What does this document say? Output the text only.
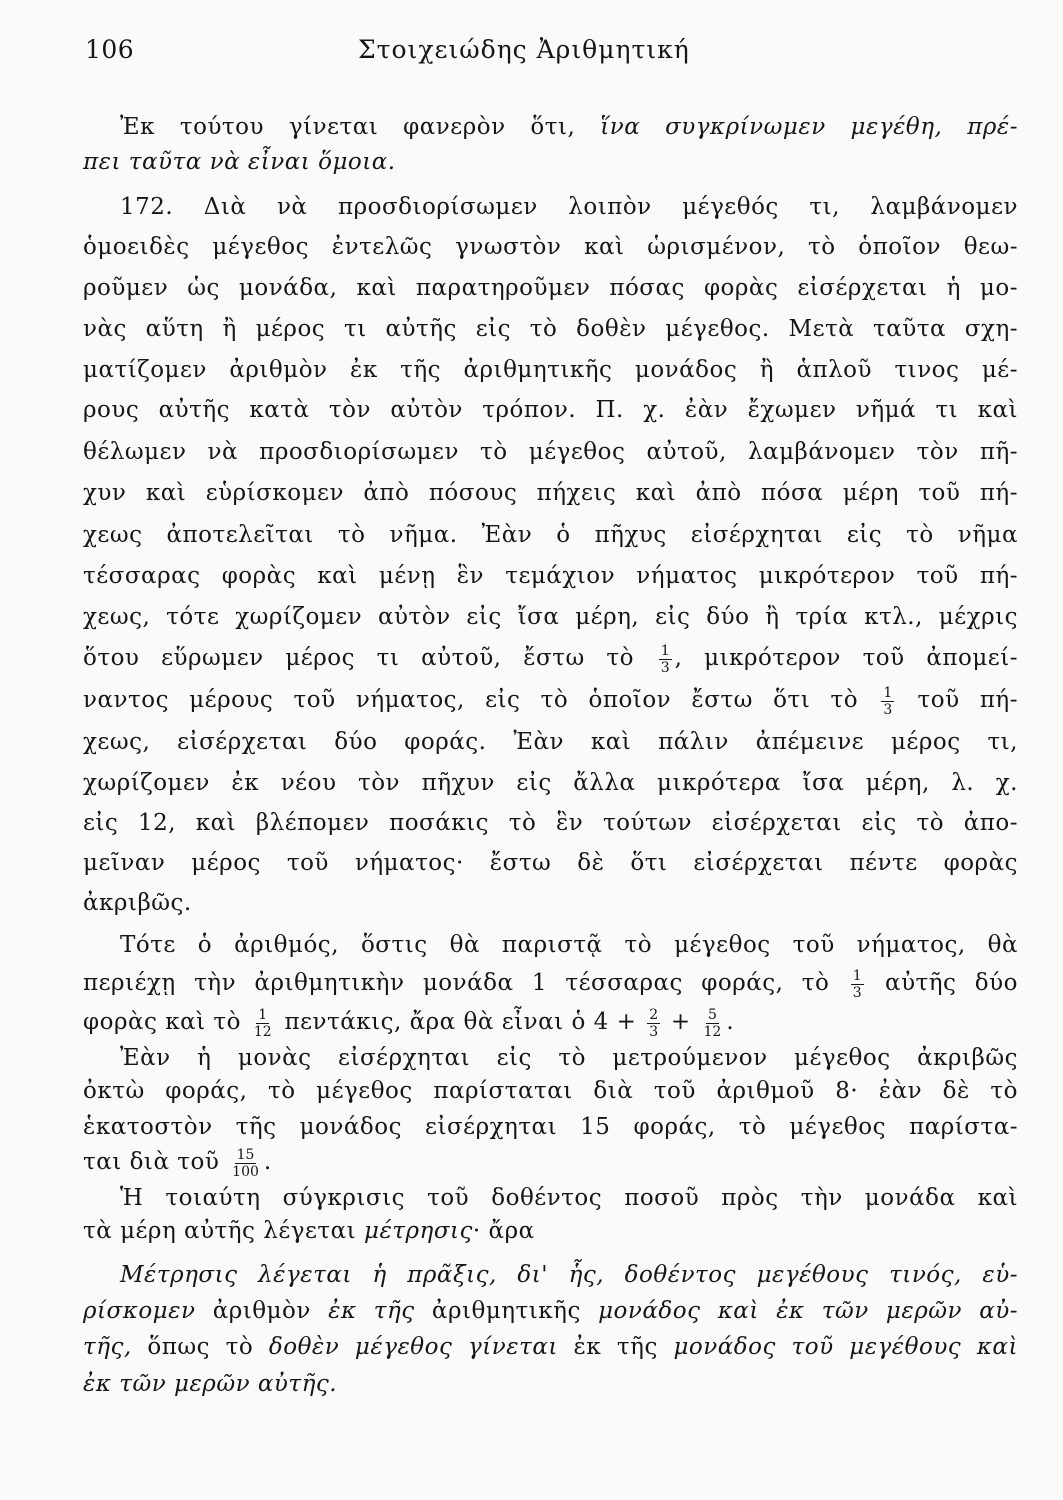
106	Στοιχειώδης Ἀριθμητική
Ἐκ τούτου γίνεται φανερὸν ὅτι, ἵνα συγκρίνωμεν μεγέθη, πρέ-
πει ταῦτα νὰ εἶναι ὅμοια.
172. Διὰ νὰ προσδιορίσωμεν λοιπὸν μέγεθός τι, λαμβάνομεν
ὁμοειδὲς μέγεθος ἐντελῶς γνωστὸν καὶ ὡρισμένον, τὸ ὁποῖον θεω-
ροῦμεν ὡς μονάδα, καὶ παρατηροῦμεν πόσας φορὰς εἰσέρχεται ἡ μο-
νὰς αὕτη ἢ μέρος τι αὐτῆς εἰς τὸ δοθὲν μέγεθος. Μετὰ ταῦτα σχη-
ματίζομεν ἀριθμὸν ἐκ τῆς ἀριθμητικῆς μονάδος ἢ ἁπλοῦ τινος μέ-
ρους αὐτῆς κατὰ τὸν αὐτὸν τρόπον. Π. χ. ἐὰν ἔχωμεν νῆμά τι καὶ
θέλωμεν νὰ προσδιορίσωμεν τὸ μέγεθος αὐτοῦ, λαμβάνομεν τὸν πῆ-
χυν καὶ εὑρίσκομεν ἀπὸ πόσους πήχεις καὶ ἀπὸ πόσα μέρη τοῦ πή-
χεως ἀποτελεῖται τὸ νῆμα. Ἐὰν ὁ πῆχυς εἰσέρχηται εἰς τὸ νῆμα
τέσσαρας φορὰς καὶ μένῃ ἓν τεμάχιον νήματος μικρότερον τοῦ πή-
χεως, τότε χωρίζομεν αὐτὸν εἰς ἴσα μέρη, εἰς δύο ἢ τρία κτλ., μέχρις
ὅτου εὕρωμεν μέρος τι αὐτοῦ, ἔστω τὸ $\frac{1}{3}$ , μικρότερον τοῦ ἀπομεί-
ναντος μέρους τοῦ νήματος, εἰς τὸ ὁποῖον ἔστω ὅτι τὸ $\frac{1}{3}$ τοῦ πή-
χεως, εἰσέρχεται δύο φοράς. Ἐὰν καὶ πάλιν ἀπέμεινε μέρος τι,
χωρίζομεν ἐκ νέου τὸν πῆχυν εἰς ἄλλα μικρότερα ἴσα μέρη, λ. χ.
εἰς 12, καὶ βλέπομεν ποσάκις τὸ ἓν τούτων εἰσέρχεται εἰς τὸ ἀπο-
μεῖναν μέρος τοῦ νήματος· ἔστω δὲ ὅτι εἰσέρχεται πέντε φορὰς
ἀκριβῶς.
Τότε ὁ ἀριθμός, ὅστις θὰ παριστᾷ τὸ μέγεθος τοῦ νήματος, θὰ
περιέχῃ τὴν ἀριθμητικὴν μονάδα 1 τέσσαρας φοράς, τὸ $\frac{1}{3}$ αὐτῆς δύο
φορὰς καὶ τὸ $\frac{1}{12} \pi\varepsilon\nu\tau ά\kappa\iota\varsigma$, ἄρα θὰ εἶναι ὁ $4 + \frac{2}{3} + \frac{5}{12}$ .
Ἐὰν ἡ μονὰς εἰσέρχηται εἰς τὸ μετρούμενον μέγεθος ἀκριβῶς
ὀκτὼ φοράς, τὸ μέγεθος παρίσταται διὰ τοῦ ἀριθμοῦ 8· ἐὰν δὲ τὸ
ἑκατοστὸν τῆς μονάδος εἰσέρχηται 15 φοράς, τὸ μέγεθος παρίστα-
ται διὰ τοῦ $\frac{15}{100}$ .
Ἡ τοιαύτη σύγκρισις τοῦ δοθέντος ποσοῦ πρὸς τὴν μονάδα καὶ
τὰ μέρη αὐτῆς λέγεται μέτρησις· ἄρα
Μέτρησις λέγεται ἡ πρᾶξις, δι' ἧς, δοθέντος μεγέθους τινός, εὑ-
ρίσκομεν ἀριθμὸν ἐκ τῆς ἀριθμητικῆς μονάδος καὶ ἐκ τῶν μερῶν αὐ-
τῆς, ὅπως τὸ δοθὲν μέγεθος γίνεται ἐκ τῆς μονάδος τοῦ μεγέθους καὶ
ἐκ τῶν μερῶν αὐτῆς.
